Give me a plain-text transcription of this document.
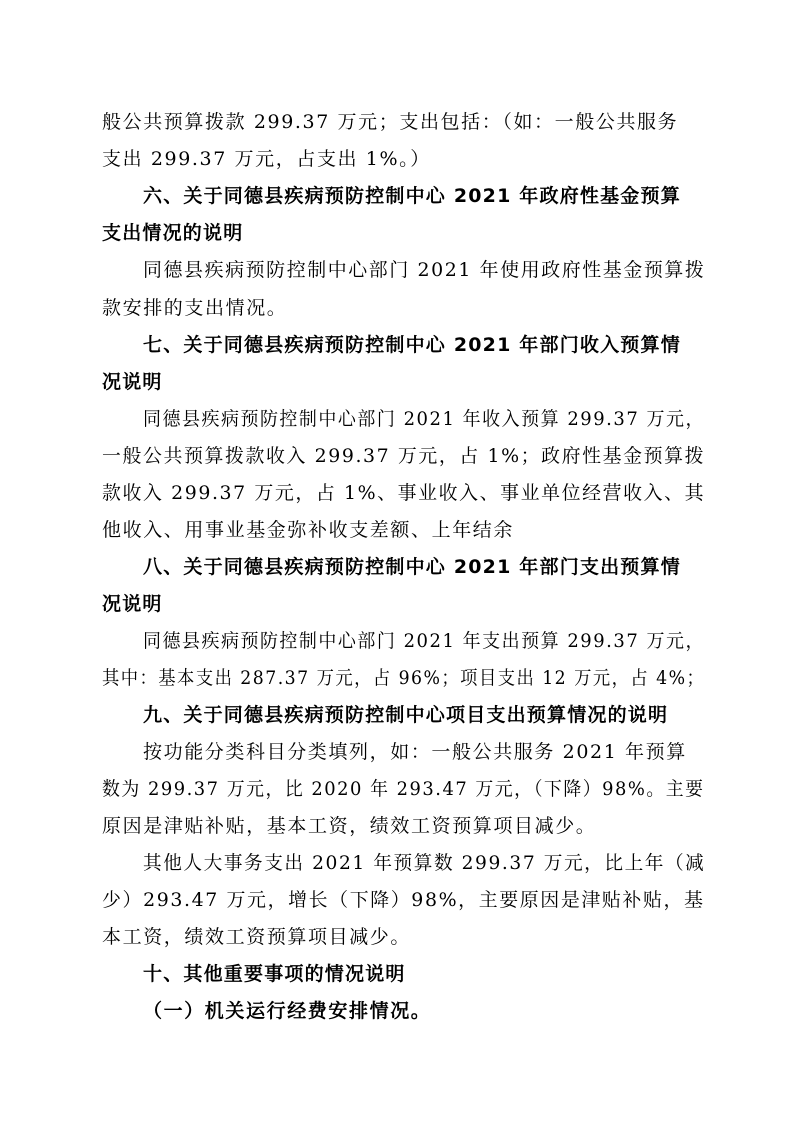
般公共预算拨款 299.37 万元；支出包括：（如：一般公共服务
支出 299.37 万元，占支出 1%。）
六、关于同德县疾病预防控制中心 2021 年政府性基金预算
支出情况的说明
同德县疾病预防控制中心部门 2021 年使用政府性基金预算拨
款安排的支出情况。
七、关于同德县疾病预防控制中心 2021 年部门收入预算情
况说明
同德县疾病预防控制中心部门 2021 年收入预算 299.37 万元，
一般公共预算拨款收入 299.37 万元，占 1%；政府性基金预算拨
款收入 299.37 万元，占 1%、事业收入、事业单位经营收入、其
他收入、用事业基金弥补收支差额、上年结余
八、关于同德县疾病预防控制中心 2021 年部门支出预算情
况说明
同德县疾病预防控制中心部门 2021 年支出预算 299.37 万元，
其中：基本支出 287.37 万元，占 96%；项目支出 12 万元，占 4%；
九、关于同德县疾病预防控制中心项目支出预算情况的说明
按功能分类科目分类填列，如：一般公共服务 2021 年预算
数为 299.37 万元，比 2020 年 293.47 万元，（下降）98%。主要
原因是津贴补贴，基本工资，绩效工资预算项目减少。
其他人大事务支出 2021 年预算数 299.37 万元，比上年（减
少）293.47 万元，增长（下降）98%，主要原因是津贴补贴，基
本工资，绩效工资预算项目减少。
十、其他重要事项的情况说明
（一）机关运行经费安排情况。
